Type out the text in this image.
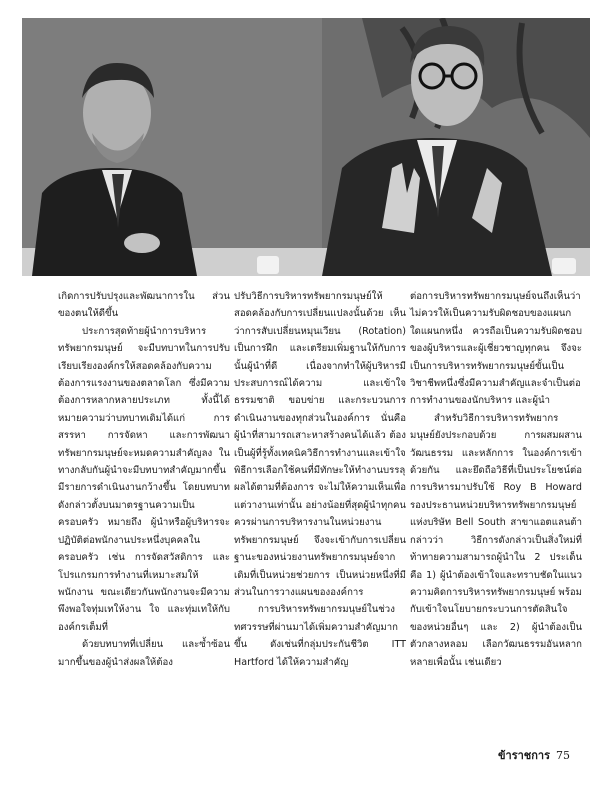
เกิดการปรับปรุงและพัฒนาการใน ส่วนของตนให้ดีขึ้น

ประการสุดท้ายผู้นำการบริหารทรัพยากรมนุษย์ จะมีบทบาทในการปรับเรียบเรียงองค์กรให้สอดคล้องกับความต้องการแรงงานของตลาดโลก ซึ่งมีความต้องการหลากหลายประเภท ทั้งนี้ได้หมายความว่าบทบาทเดิมได้แก่ การสรรหา การจัดหา และการพัฒนาทรัพยากรมนุษย์จะหมดความสำคัญลง ในทางกลับกันผู้นำจะมีบทบาทสำคัญมากขึ้น มีรายการดำเนินงานกว้างขึ้น โดยบทบาทดังกล่าวตั้งบนมาตรฐานความเป็นครอบครัว หมายถึง ผู้นำหรือผู้บริหารจะปฏิบัติต่อพนักงานประหนึ่งบุคคลในครอบครัว เช่น การจัดสวัสดิการ และโปรแกรมการทำงานที่เหมาะสมให้พนักงาน ขณะเดียวกันพนักงานจะมีความพึงพอใจทุ่มเทให้งาน ใจ และทุ่มเทให้กับองค์กรเต็มที่

ด้วยบทบาทที่เปลี่ยน และซ้ำซ้อนมากขึ้นของผู้นำส่งผลให้ต้อง

ปรับวิธีการบริหารทรัพยากรมนุษย์ให้สอดคล้องกับการเปลี่ยนแปลงนั้นด้วย เห็นว่าการสับเปลี่ยนหมุนเวียน (Rotation) เป็นการฝึก และเตรียมเพิ่มฐานให้กับการนั้นผู้นำที่ดี เนื่องจากทำให้ผู้บริหารมีประสบการณ์ได้ความ และเข้าใจธรรมชาติ ขอบข่าย และกระบวนการดำเนินงานของทุกส่วนในองค์การ นั่นคือ ผู้นำที่สามารถเสาะหาสร้างคนได้แล้ว ต้องเป็นผู้ที่รู้ทั้งเทคนิควิธีการทำงานและเข้าใจพิธีการเลือกใช้คนที่มีทักษะให้ทำงานบรรลุผลได้ตามที่ต้องการ จะไม่ให้ความเห็นเพื่อแต่วางานเท่านั้น อย่างน้อยที่สุดผู้นำทุกคนควรผ่านการบริหารงานในหน่วยงานทรัพยากรมนุษย์ จึงจะเข้ากับการเปลี่ยนฐานะของหน่วยงานทรัพยากรมนุษย์จากเดิมที่เป็นหน่วยช่วยการ เป็นหน่วยหนึ่งที่มีส่วนในการวางแผนขององค์การ

การบริหารทรัพยากรมนุษย์ในช่วงทศวรรษที่ผ่านมาได้เพิ่มความสำคัญมากขึ้น ดังเช่นที่กลุ่มประกันชีวิต ITT Hartford ได้ให้ความสำคัญ

ต่อการบริหารทรัพยากรมนุษย์จนถึงเห็นว่าไม่ควรให้เป็นความรับผิดชอบของแผนกใดแผนกหนึ่ง ควรถือเป็นความรับผิดชอบของผู้บริหารและผู้เชี่ยวชาญทุกคน จึงจะเป็นการบริหารทรัพยากรมนุษย์ขั้นเป็นวิชาชีพหนึ่งซึ่งมีความสำคัญและจำเป็นต่อการทำงานของนักบริหาร และผู้นำ

สำหรับวิธีการบริหารทรัพยากรมนุษย์ยังประกอบด้วย การผสมผสานวัฒนธรรม และหลักการ ในองค์การเข้าด้วยกัน และยึดถือวิธีที่เป็นประโยชน์ต่อการบริหารมาปรับใช้ Roy B Howard รองประธานหน่วยบริหารทรัพยากรมนุษย์แห่งบริษัท Bell South สาขาแอตแลนต้า กล่าวว่า วิธีการดังกล่าวเป็นสิ่งใหม่ที่ท้าทายความสามารถผู้นำใน 2 ประเด็นคือ 1) ผู้นำต้องเข้าใจและทราบชัดในแนวความคิดการบริหารทรัพยากรมนุษย์ พร้อมกับเข้าใจนโยบายกระบวนการตัดสินใจของหน่วยอื่นๆ และ 2) ผู้นำต้องเป็นตัวกลางหลอม เลือกวัฒนธรรมอันหลากหลายเพื่อนั้น เช่นเดียว

ข้าราชการ 75
